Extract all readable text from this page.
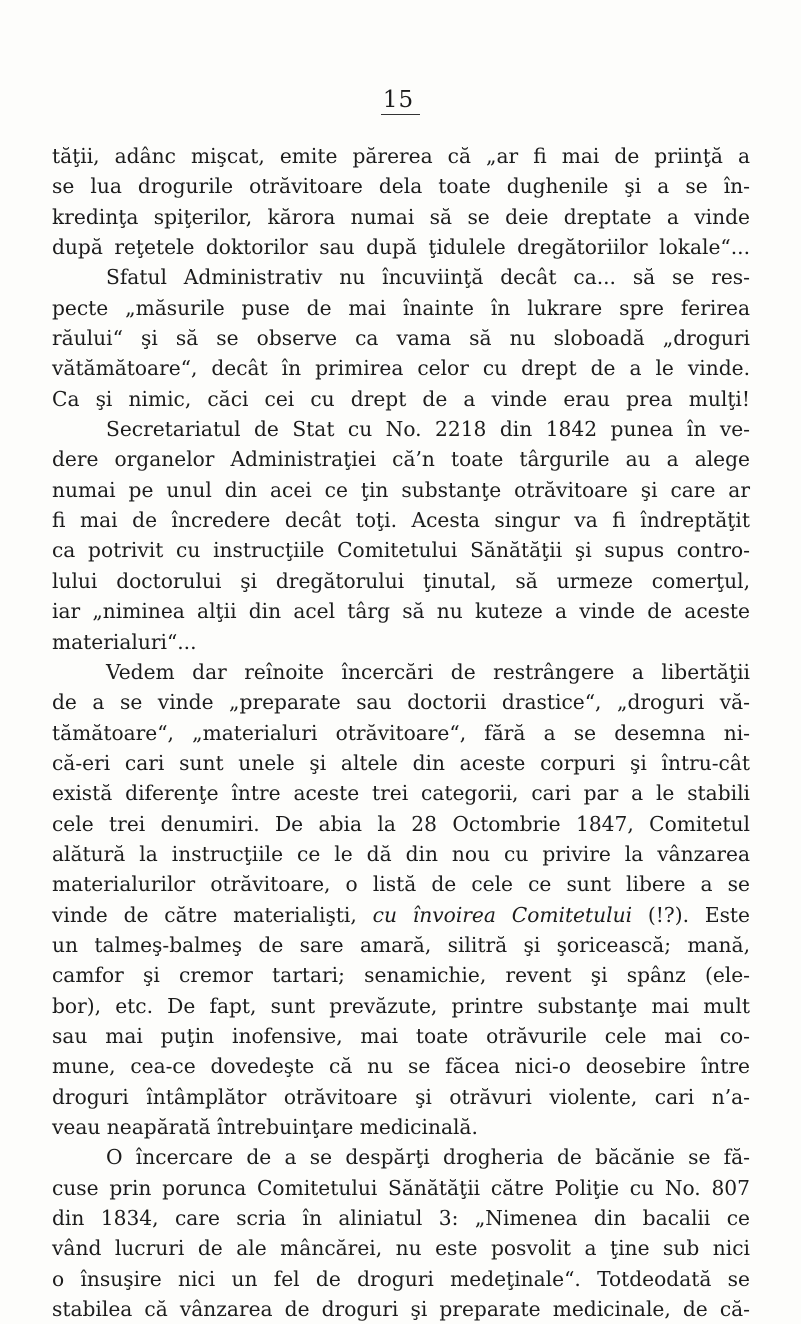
15
tăţii, adânc mişcat, emite părerea că „ar fi mai de priinţă a
se lua drogurile otrăvitoare dela toate dughenile şi a se în-
kredinţa spiţerilor, kărora numai să se deie dreptate a vinde
după reţetele doktorilor sau după ţidulele dregătoriilor lokale“...
Sfatul Administrativ nu încuviinţă decât ca... să se res-
pecte „măsurile puse de mai înainte în lukrare spre ferirea
răului“ şi să se observe ca vama să nu sloboadă „droguri
vătămătoare“, decât în primirea celor cu drept de a le vinde.
Ca şi nimic, căci cei cu drept de a vinde erau prea mulţi!
Secretariatul de Stat cu No. 2218 din 1842 punea în ve-
dere organelor Administraţiei că’n toate târgurile au a alege
numai pe unul din acei ce ţin substanţe otrăvitoare şi care ar
fi mai de încredere decât toţi. Acesta singur va fi îndreptăţit
ca potrivit cu instrucţiile Comitetului Sănătăţii şi supus contro-
lului doctorului şi dregătorului ţinutal, să urmeze comerţul,
iar „niminea alţii din acel târg să nu kuteze a vinde de aceste
materialuri“...
Vedem dar reînoite încercări de restrângere a libertăţii
de a se vinde „preparate sau doctorii drastice“, „droguri vă-
tămătoare“, „materialuri otrăvitoare“, fără a se desemna ni-
că-eri cari sunt unele şi altele din aceste corpuri şi întru-cât
există diferenţe între aceste trei categorii, cari par a le stabili
cele trei denumiri. De abia la 28 Octombrie 1847, Comitetul
alătură la instrucţiile ce le dă din nou cu privire la vânzarea
materialurilor otrăvitoare, o listă de cele ce sunt libere a se
vinde de către materialişti, cu învoirea Comitetului (!?). Este
un talmeş-balmeş de sare amară, silitră şi şoricească; mană,
camfor şi cremor tartari; senamichie, revent şi spânz (ele-
bor), etc. De fapt, sunt prevăzute, printre substanţe mai mult
sau mai puţin inofensive, mai toate otrăvurile cele mai co-
mune, cea-ce dovedeşte că nu se făcea nici-o deosebire între
droguri întâmplător otrăvitoare şi otrăvuri violente, cari n’a-
veau neapărată întrebuinţare medicinală.
O încercare de a se despărţi drogheria de băcănie se fă-
cuse prin porunca Comitetului Sănătăţii către Poliţie cu No. 807
din 1834, care scria în aliniatul 3: „Nimenea din bacalii ce
vând lucruri de ale mâncărei, nu este posvolit a ţine sub nici
o însuşire nici un fel de droguri medeţinale“. Totdeodată se
stabilea că vânzarea de droguri şi preparate medicinale, de că-
